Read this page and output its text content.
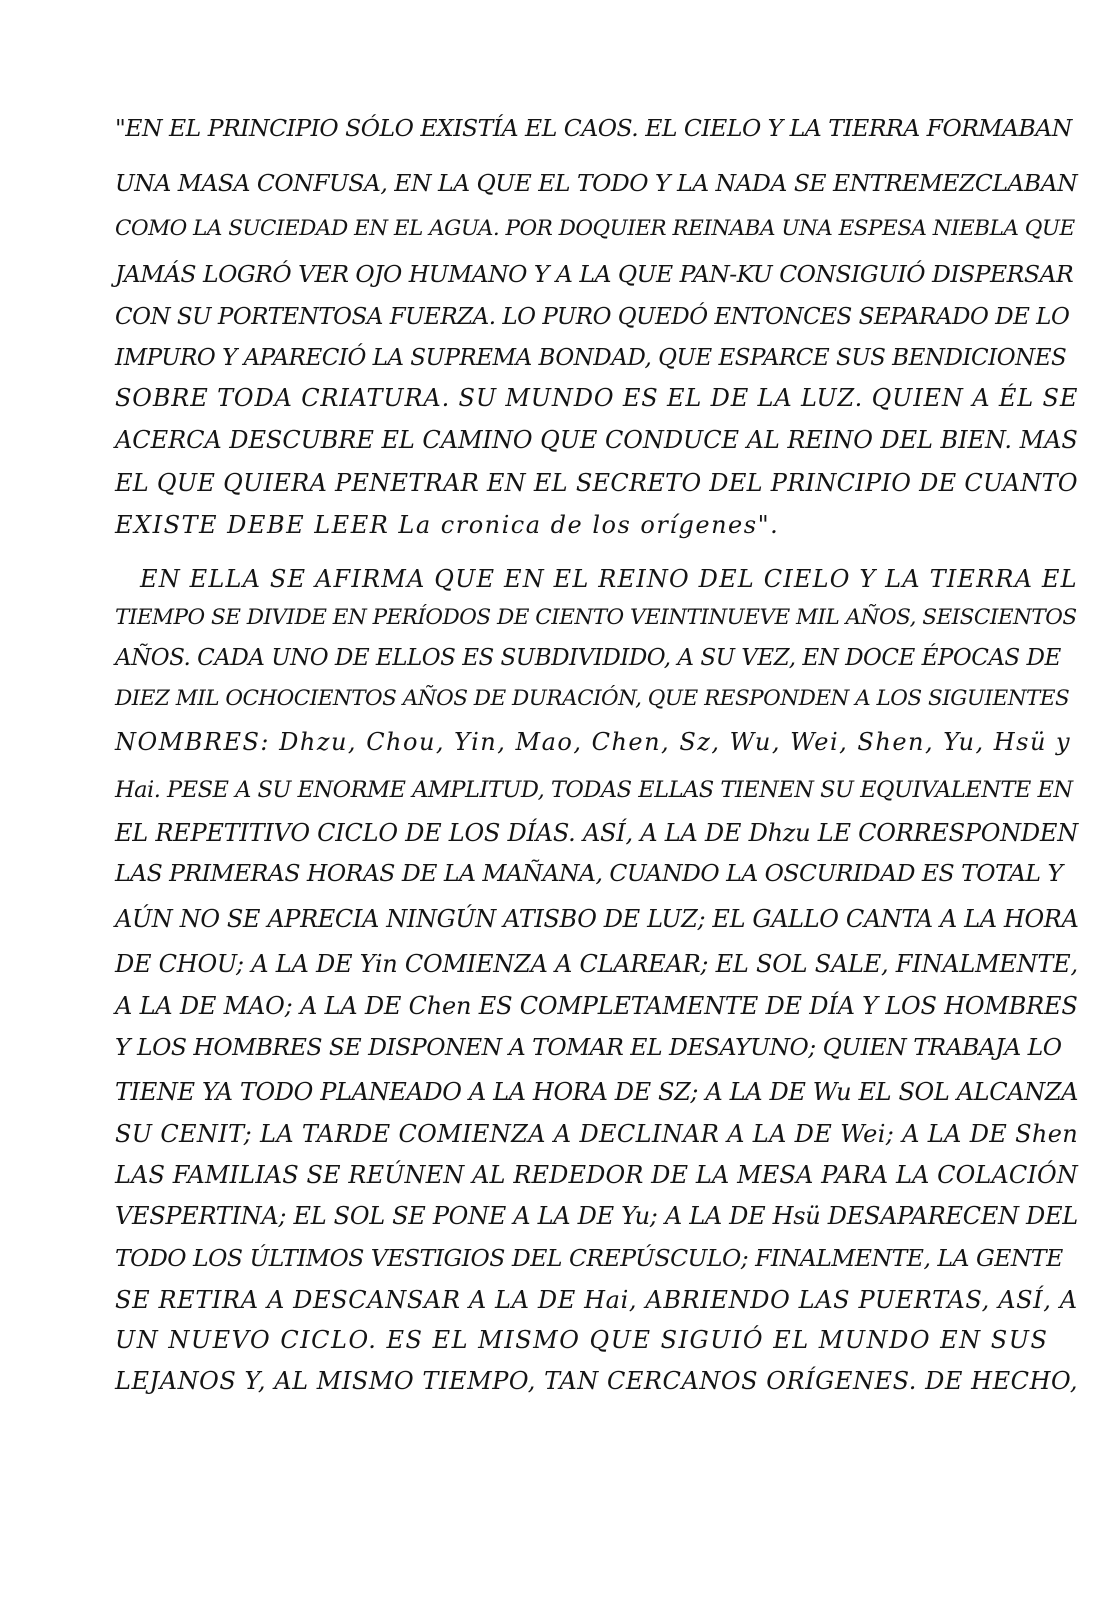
"EN EL PRINCIPIO SÓLO EXISTÍA EL CAOS. EL CIELO Y LA TIERRA FORMABAN
UNA MASA CONFUSA, EN LA QUE EL TODO Y LA NADA SE ENTREMEZCLABAN
COMO LA SUCIEDAD EN EL AGUA. POR DOQUIER REINABA UNA ESPESA NIEBLA QUE
JAMÁS LOGRÓ VER OJO HUMANO Y A LA QUE PAN-KU CONSIGUIÓ DISPERSAR
CON SU PORTENTOSA FUERZA. LO PURO QUEDÓ ENTONCES SEPARADO DE LO
IMPURO Y APARECIÓ LA SUPREMA BONDAD, QUE ESPARCE SUS BENDICIONES
SOBRE TODA CRIATURA. SU MUNDO ES EL DE LA LUZ. QUIEN A ÉL SE
ACERCA DESCUBRE EL CAMINO QUE CONDUCE AL REINO DEL BIEN. MAS
EL QUE QUIERA PENETRAR EN EL SECRETO DEL PRINCIPIO DE CUANTO
EXISTE DEBE LEER La cronica de los orígenes".
EN ELLA SE AFIRMA QUE EN EL REINO DEL CIELO Y LA TIERRA EL
TIEMPO SE DIVIDE EN PERÍODOS DE CIENTO VEINTINUEVE MIL AÑOS, SEISCIENTOS
AÑOS. CADA UNO DE ELLOS ES SUBDIVIDIDO, A SU VEZ, EN DOCE ÉPOCAS DE
DIEZ MIL OCHOCIENTOS AÑOS DE DURACIÓN, QUE RESPONDEN A LOS SIGUIENTES
NOMBRES: Dhzu, Chou, Yin, Mao, Chen, Sz, Wu, Wei, Shen, Yu, Hsü y
Hai. PESE A SU ENORME AMPLITUD, TODAS ELLAS TIENEN SU EQUIVALENTE EN
EL REPETITIVO CICLO DE LOS DÍAS. ASÍ, A LA DE Dhzu LE CORRESPONDEN
LAS PRIMERAS HORAS DE LA MAÑANA, CUANDO LA OSCURIDAD ES TOTAL Y
AÚN NO SE APRECIA NINGÚN ATISBO DE LUZ; EL GALLO CANTA A LA HORA
DE CHOU; A LA DE Yin COMIENZA A CLAREAR; EL SOL SALE, FINALMENTE,
A LA DE MAO; A LA DE Chen ES COMPLETAMENTE DE DÍA Y LOS HOMBRES
Y LOS HOMBRES SE DISPONEN A TOMAR EL DESAYUNO; QUIEN TRABAJA LO
TIENE YA TODO PLANEADO A LA HORA DE SZ; A LA DE Wu EL SOL ALCANZA
SU CENIT; LA TARDE COMIENZA A DECLINAR A LA DE Wei; A LA DE Shen
LAS FAMILIAS SE REÚNEN AL REDEDOR DE LA MESA PARA LA COLACIÓN
VESPERTINA; EL SOL SE PONE A LA DE Yu; A LA DE Hsü DESAPARECEN DEL
TODO LOS ÚLTIMOS VESTIGIOS DEL CREPÚSCULO; FINALMENTE, LA GENTE
SE RETIRA A DESCANSAR A LA DE Hai, ABRIENDO LAS PUERTAS, ASÍ, A
UN NUEVO CICLO. ES EL MISMO QUE SIGUIÓ EL MUNDO EN SUS
LEJANOS Y, AL MISMO TIEMPO, TAN CERCANOS ORÍGENES. DE HECHO,
